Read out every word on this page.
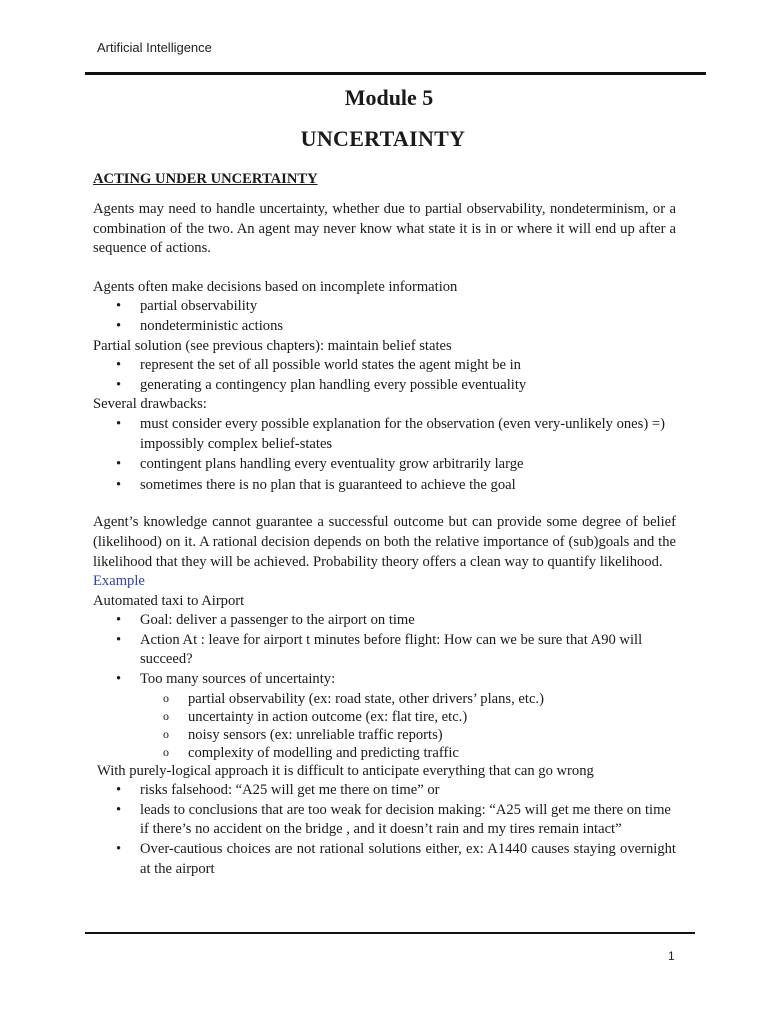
Artificial Intelligence
Module 5
UNCERTAINTY
ACTING UNDER UNCERTAINTY

Agents may need to handle uncertainty, whether due to partial observability, nondeterminism, or a combination of the two. An agent may never know what state it is in or where it will end up after a sequence of actions.

Agents often make decisions based on incomplete information

• partial observability
• nondeterministic actions

Partial solution (see previous chapters): maintain belief states

• represent the set of all possible world states the agent might be in
• generating a contingency plan handling every possible eventuality

Several drawbacks:

• must consider every possible explanation for the observation (even very-unlikely ones) =) impossibly complex belief-states
• contingent plans handling every eventuality grow arbitrarily large
• sometimes there is no plan that is guaranteed to achieve the goal

Agent’s knowledge cannot guarantee a successful outcome but can provide some degree of belief (likelihood) on it. A rational decision depends on both the relative importance of (sub)goals and the likelihood that they will be achieved. Probability theory offers a clean way to quantify likelihood.

Example

Automated taxi to Airport

• Goal: deliver a passenger to the airport on time
• Action At : leave for airport t minutes before flight: How can we be sure that A90 will succeed?
• Too many sources of uncertainty:
o partial observability (ex: road state, other drivers’ plans, etc.)
o uncertainty in action outcome (ex: flat tire, etc.)
o noisy sensors (ex: unreliable traffic reports)
o complexity of modelling and predicting traffic

With purely-logical approach it is difficult to anticipate everything that can go wrong

• risks falsehood: “A25 will get me there on time” or
• leads to conclusions that are too weak for decision making: “A25 will get me there on time if there’s no accident on the bridge , and it doesn’t rain and my tires remain intact”
• Over-cautious choices are not rational solutions either, ex: A1440 causes staying overnight at the airport
1
